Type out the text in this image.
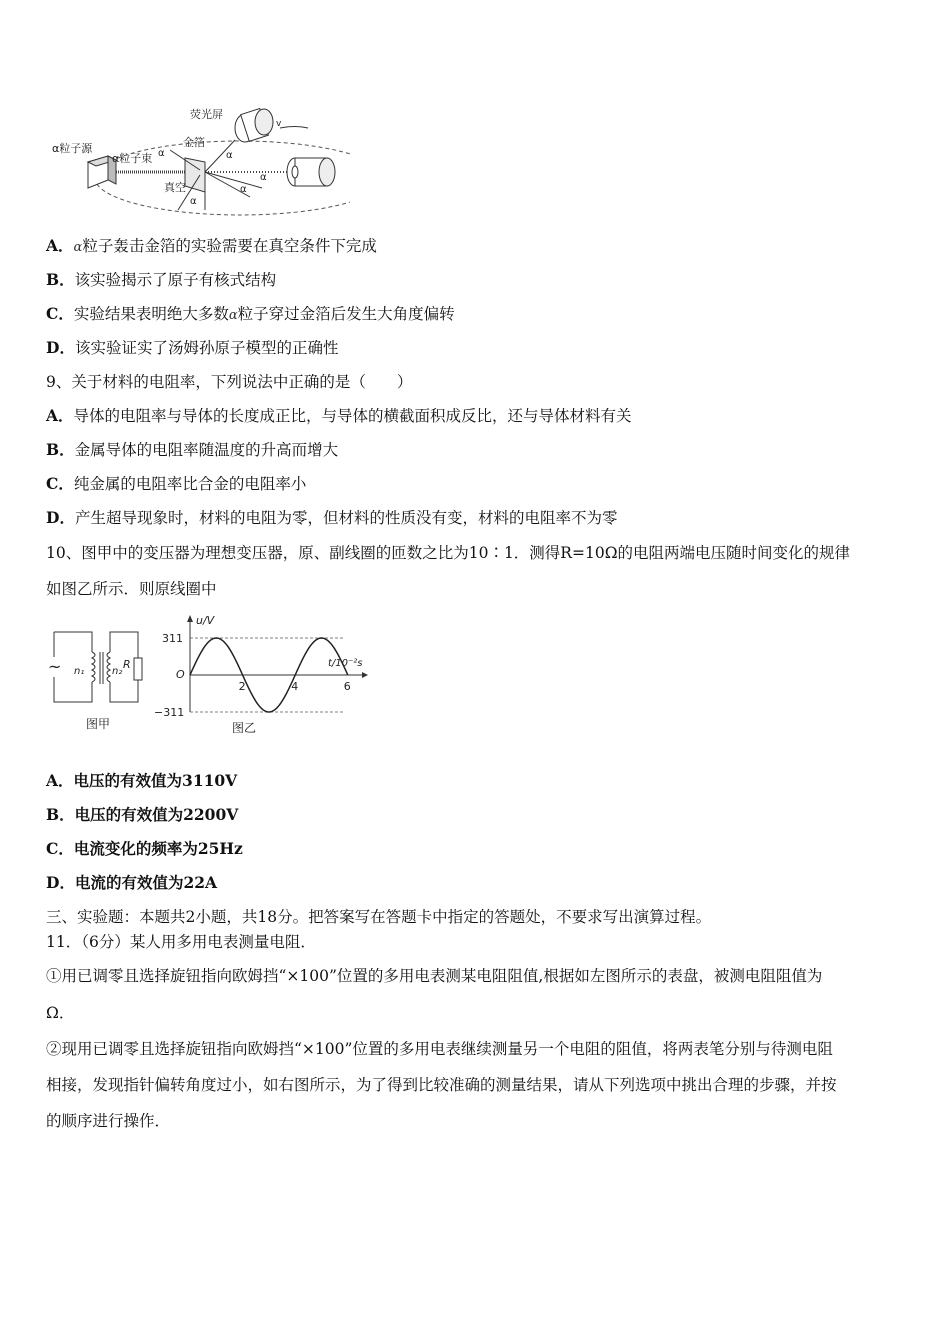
α粒子源
α粒子束
金箔
荧光屏
真空
α	α
α
α
α
v
A．α粒子轰击金箔的实验需要在真空条件下完成
B．该实验揭示了原子有核式结构
C．实验结果表明绝大多数α粒子穿过金箔后发生大角度偏转
D．该实验证实了汤姆孙原子模型的正确性
9、关于材料的电阻率，下列说法中正确的是（　　）
A．导体的电阻率与导体的长度成正比，与导体的横截面积成反比，还与导体材料有关
B．金属导体的电阻率随温度的升高而增大
C．纯金属的电阻率比合金的电阻率小
D．产生超导现象时，材料的电阻为零，但材料的性质没有变，材料的电阻率不为零
10、图甲中的变压器为理想变压器，原、副线圈的匝数之比为10∶1．测得R=10Ω的电阻两端电压随时间变化的规律
如图乙所示．则原线圈中
~ n₁	n₂
R
图甲
2	4	6
u/V
t/10⁻²s
O
311
−311
图乙
A．电压的有效值为3110V
B．电压的有效值为2200V
C．电流变化的频率为25Hz
D．电流的有效值为22A
三、实验题：本题共2小题，共18分。把答案写在答题卡中指定的答题处，不要求写出演算过程。
11．（6分）某人用多用电表测量电阻．
①用已调零且选择旋钮指向欧姆挡“×100”位置的多用电表测某电阻阻值,根据如左图所示的表盘，被测电阻阻值为
Ω．
②现用已调零且选择旋钮指向欧姆挡“×100”位置的多用电表继续测量另一个电阻的阻值，将两表笔分别与待测电阻
相接，发现指针偏转角度过小，如右图所示，为了得到比较准确的测量结果，请从下列选项中挑出合理的步骤，并按
的顺序进行操作．
